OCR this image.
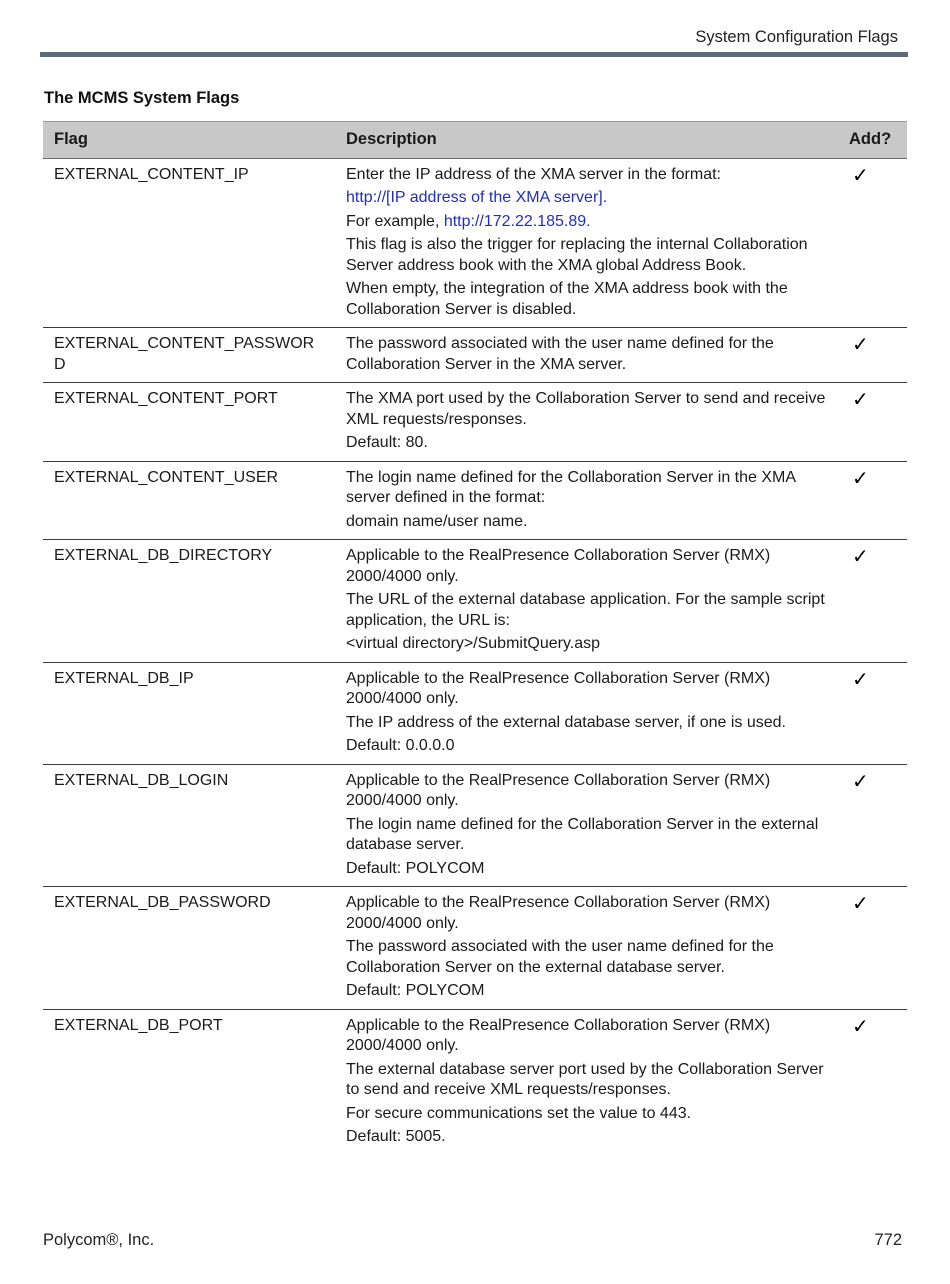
System Configuration Flags
The MCMS System Flags
Flag	Description	Add?
EXTERNAL_CONTENT_IP	Enter the IP address of the XMA server in the format:

http://[IP address of the XMA server].

For example, http://172.22.185.89.

This flag is also the trigger for replacing the internal Collaboration Server address book with the XMA global Address Book.

When empty, the integration of the XMA address book with the Collaboration Server is disabled.	✓
EXTERNAL_CONTENT_PASSWORD	The password associated with the user name defined for the Collaboration Server in the XMA server.	✓
EXTERNAL_CONTENT_PORT	The XMA port used by the Collaboration Server to send and receive XML requests/responses.

Default: 80.	✓
EXTERNAL_CONTENT_USER	The login name defined for the Collaboration Server in the XMA server defined in the format:

domain name/user name.	✓
EXTERNAL_DB_DIRECTORY	Applicable to the RealPresence Collaboration Server (RMX) 2000/4000 only.

The URL of the external database application. For the sample script application, the URL is:

<virtual directory>/SubmitQuery.asp	✓
EXTERNAL_DB_IP	Applicable to the RealPresence Collaboration Server (RMX) 2000/4000 only.

The IP address of the external database server, if one is used.

Default: 0.0.0.0	✓
EXTERNAL_DB_LOGIN	Applicable to the RealPresence Collaboration Server (RMX) 2000/4000 only.

The login name defined for the Collaboration Server in the external database server.

Default: POLYCOM	✓
EXTERNAL_DB_PASSWORD	Applicable to the RealPresence Collaboration Server (RMX) 2000/4000 only.

The password associated with the user name defined for the Collaboration Server on the external database server.

Default: POLYCOM	✓
EXTERNAL_DB_PORT	Applicable to the RealPresence Collaboration Server (RMX) 2000/4000 only.

The external database server port used by the Collaboration Server to send and receive XML requests/responses.

For secure communications set the value to 443.

Default: 5005.	✓
Polycom®, Inc.	772
